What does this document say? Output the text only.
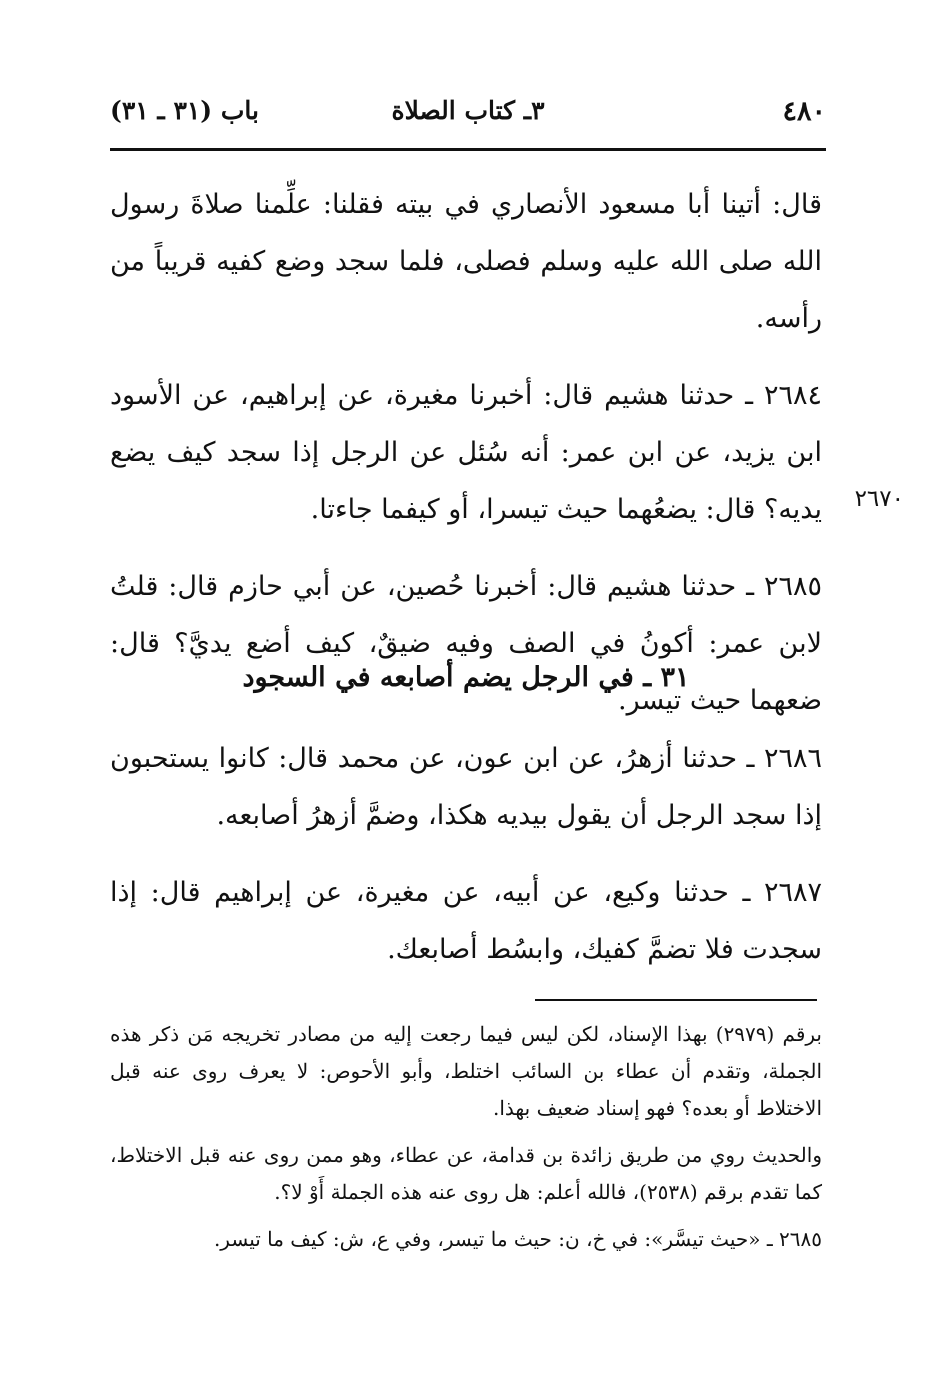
٤٨٠
٣ـ كتاب الصلاة
باب (٣١ ـ ٣١)

قال: أتينا أبا مسعود الأنصاري في بيته فقلنا: علِّمنا صلاةَ رسول الله صلى الله عليه وسلم فصلى، فلما سجد وضع كفيه قريباً من رأسه.

٢٦٨٤ ـ حدثنا هشيم قال: أخبرنا مغيرة، عن إبراهيم، عن الأسود ابن يزيد، عن ابن عمر: أنه سُئل عن الرجل إذا سجد كيف يضع يديه؟ قال: يضعُهما حيث تيسرا، أو كيفما جاءتا.

٢٦٨٥ ـ حدثنا هشيم قال: أخبرنا حُصين، عن أبي حازم قال: قلتُ لابن عمر: أكونُ في الصف وفيه ضيقٌ، كيف أضع يديَّ؟ قال: ضعهما حيث تيسر.

٢٦٧٠
٣١ ـ في الرجل يضم أصابعه في السجود

٢٦٨٦ ـ حدثنا أزهرُ، عن ابن عون، عن محمد قال: كانوا يستحبون إذا سجد الرجل أن يقول بيديه هكذا، وضمَّ أزهرُ أصابعه.

٢٦٨٧ ـ حدثنا وكيع، عن أبيه، عن مغيرة، عن إبراهيم قال: إذا سجدت فلا تضمَّ كفيك، وابسُط أصابعك.

برقم (٢٩٧٩) بهذا الإسناد، لكن ليس فيما رجعت إليه من مصادر تخريجه مَن ذكر هذه الجملة، وتقدم أن عطاء بن السائب اختلط، وأبو الأحوص: لا يعرف روى عنه قبل الاختلاط أو بعده؟ فهو إسناد ضعيف بهذا.

والحديث روي من طريق زائدة بن قدامة، عن عطاء، وهو ممن روى عنه قبل الاختلاط، كما تقدم برقم (٢٥٣٨)، فالله أعلم: هل روى عنه هذه الجملة أَوْ لا؟.

٢٦٨٥ ـ «حيث تيسَّر»: في خ، ن: حيث ما تيسر، وفي ع، ش: كيف ما تيسر.
